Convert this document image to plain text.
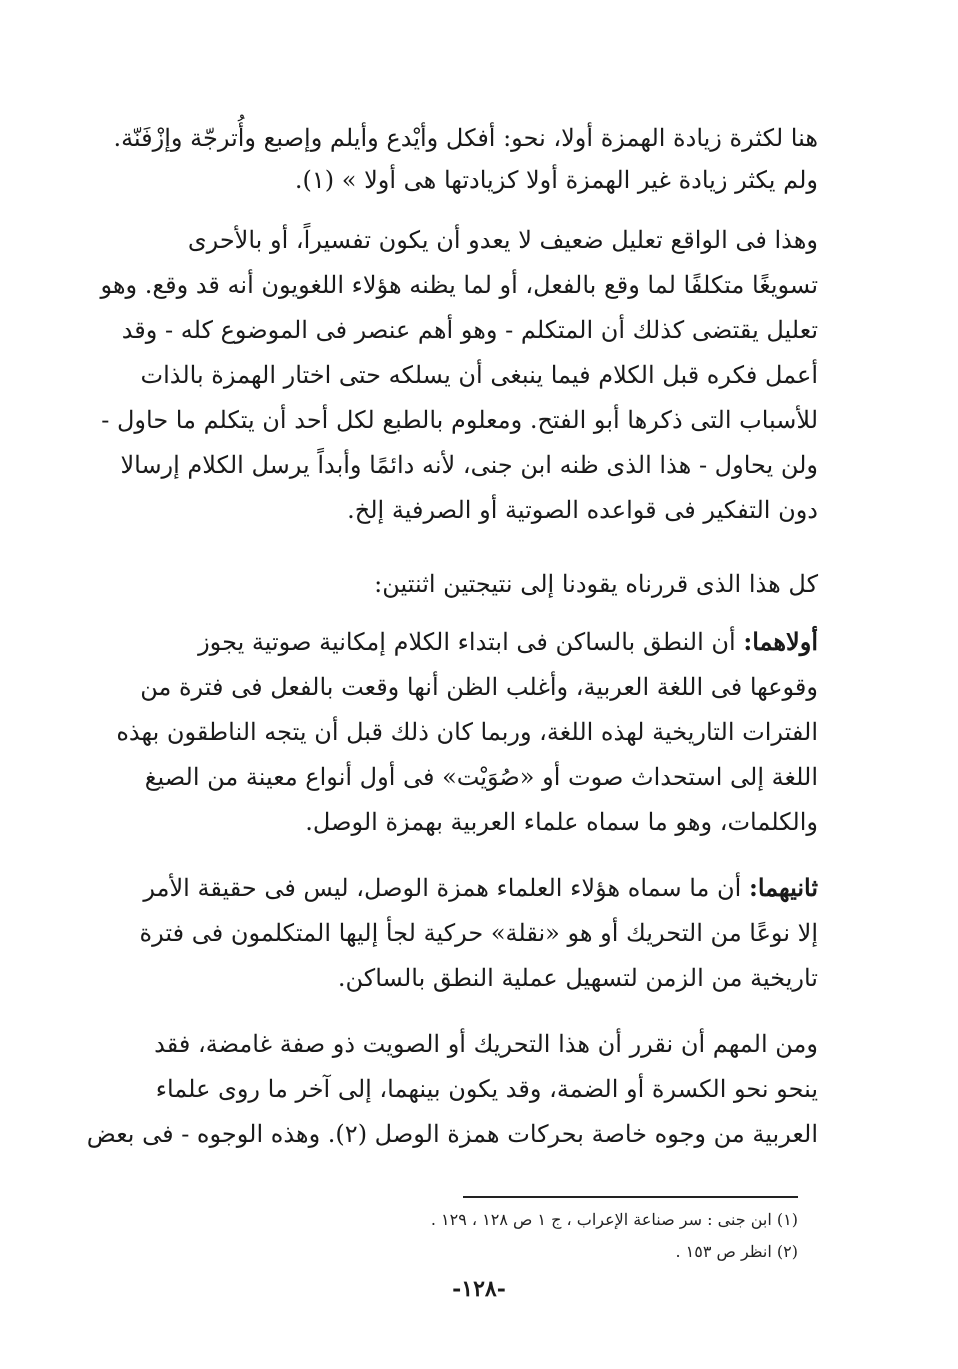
هنا لكثرة زيادة الهمزة أولا، نحو: أفكل وأيْدع وأيلم وإصبع وأُترجّة وإزْفَنّة.
ولم يكثر زيادة غير الهمزة أولا كزيادتها هى أولا » (١).
وهذا فى الواقع تعليل ضعيف لا يعدو أن يكون تفسيراً، أو بالأحرى
تسويغًا متكلفًا لما وقع بالفعل، أو لما يظنه هؤلاء اللغويون أنه قد وقع. وهو
تعليل يقتضى كذلك أن المتكلم - وهو أهم عنصر فى الموضوع كله - وقد
أعمل فكره قبل الكلام فيما ينبغى أن يسلكه حتى اختار الهمزة بالذات
للأسباب التى ذكرها أبو الفتح. ومعلوم بالطبع لكل أحد أن يتكلم ما حاول -
ولن يحاول - هذا الذى ظنه ابن جنى، لأنه دائمًا وأبداً يرسل الكلام إرسالا
دون التفكير فى قواعده الصوتية أو الصرفية إلخ.
كل هذا الذى قررناه يقودنا إلى نتيجتين اثنتين:
أولاهما: أن النطق بالساكن فى ابتداء الكلام إمكانية صوتية يجوز
وقوعها فى اللغة العربية، وأغلب الظن أنها وقعت بالفعل فى فترة من
الفترات التاريخية لهذه اللغة، وربما كان ذلك قبل أن يتجه الناطقون بهذه
اللغة إلى استحداث صوت أو «صُوَيْت» فى أول أنواع معينة من الصيغ
والكلمات، وهو ما سماه علماء العربية بهمزة الوصل.
ثانيهما: أن ما سماه هؤلاء العلماء همزة الوصل، ليس فى حقيقة الأمر
إلا نوعًا من التحريك أو هو «نقلة» حركية لجأ إليها المتكلمون فى فترة
تاريخية من الزمن لتسهيل عملية النطق بالساكن.
ومن المهم أن نقرر أن هذا التحريك أو الصويت ذو صفة غامضة، فقد
ينحو نحو الكسرة أو الضمة، وقد يكون بينهما، إلى آخر ما روى علماء
العربية من وجوه خاصة بحركات همزة الوصل (٢). وهذه الوجوه - فى بعض
(١) ابن جنى : سر صناعة الإعراب ، ج ١ ص ١٢٨ ، ١٢٩ .
(٢) انظر ص ١٥٣ .
-١٢٨-
